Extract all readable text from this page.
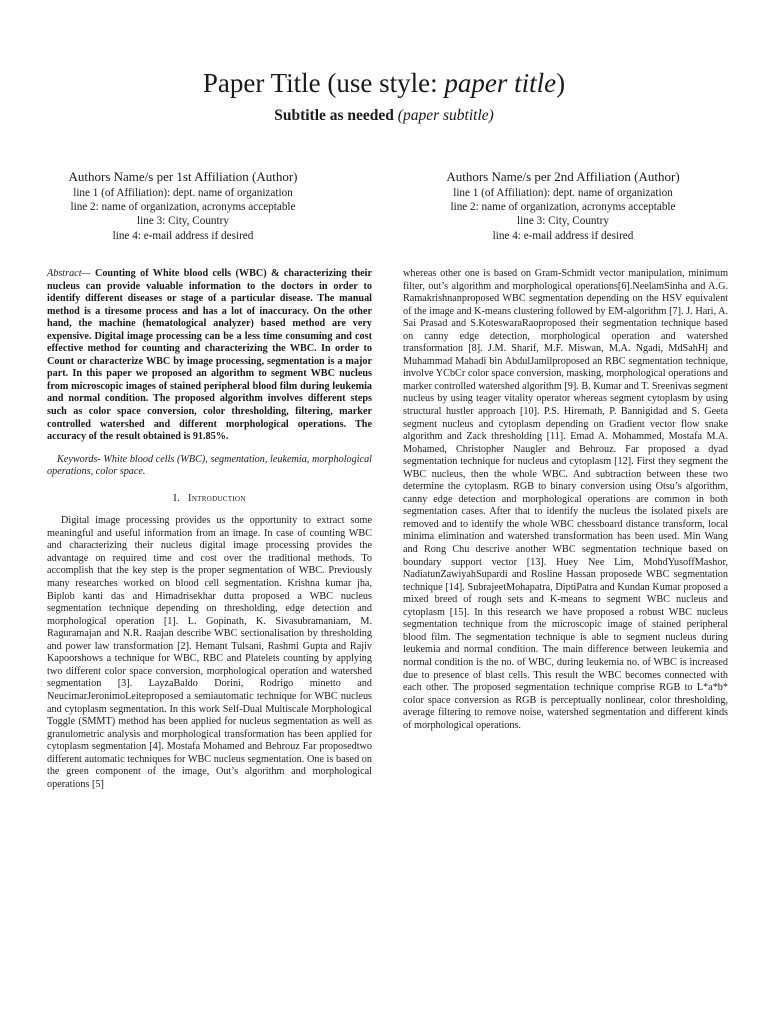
Paper Title (use style: paper title)
Subtitle as needed (paper subtitle)
Authors Name/s per 1st Affiliation (Author)
line 1 (of Affiliation): dept. name of organization
line 2: name of organization, acronyms acceptable
line 3: City, Country
line 4: e-mail address if desired
Authors Name/s per 2nd Affiliation (Author)
line 1 (of Affiliation): dept. name of organization
line 2: name of organization, acronyms acceptable
line 3: City, Country
line 4: e-mail address if desired

Abstract— Counting of White blood cells (WBC) & characterizing their nucleus can provide valuable information to the doctors in order to identify different diseases or stage of a particular disease. The manual method is a tiresome process and has a lot of inaccuracy. On the other hand, the machine (hematological analyzer) based method are very expensive. Digital image processing can be a less time consuming and cost effective method for counting and characterizing the WBC. In order to Count or characterize WBC by image processing, segmentation is a major part. In this paper we proposed an algorithm to segment WBC nucleus from microscopic images of stained peripheral blood film during leukemia and normal condition. The proposed algorithm involves different steps such as color space conversion, color thresholding, filtering, marker controlled watershed and different morphological operations. The accuracy of the result obtained is 91.85%.

Keywords- White blood cells (WBC), segmentation, leukemia, morphological operations, color space.

I. Introduction

Digital image processing provides us the opportunity to extract some meaningful and useful information from an image. In case of counting WBC and characterizing their nucleus digital image processing provides the advantage on required time and cost over the traditional methods. To accomplish that the key step is the proper segmentation of WBC. Previously many researches worked on blood cell segmentation. Krishna kumar jha, Biplob kanti das and Himadrisekhar dutta proposed a WBC nucleus segmentation technique depending on thresholding, edge detection and morphological operation [1]. L. Gopinath, K. Sivasubramaniam, M. Raguramajan and N.R. Raajan describe WBC sectionalisation by thresholding and power law transformation [2]. Hemant Tulsani, Rashmi Gupta and Rajiv Kapoorshows a technique for WBC, RBC and Platelets counting by applying two different color space conversion, morphological operation and watershed segmentation [3]. LayzaBaldo Dorini, Rodrigo minetto and NeucimarJeronimoLeiteproposed a semiautomatic technique for WBC nucleus and cytoplasm segmentation. In this work Self-Dual Multiscale Morphological Toggle (SMMT) method has been applied for nucleus segmentation as well as granulometric analysis and morphological transformation has been applied for cytoplasm segmentation [4]. Mostafa Mohamed and Behrouz Far proposedtwo different automatic techniques for WBC nucleus segmentation. One is based on the green component of the image, Out’s algorithm and morphological operations [5]

whereas other one is based on Gram-Schmidt vector manipulation, minimum filter, out’s algorithm and morphological operations[6].NeelamSinha and A.G. Ramakrishnanproposed WBC segmentation depending on the HSV equivalent of the image and K-means clustering followed by EM-algorithm [7]. J. Hari, A. Sai Prasad and S.KoteswaraRaoproposed their segmentation technique based on canny edge detection, morphological operation and watershed transformation [8]. J.M. Sharif, M.F. Miswan, M.A. Ngadi, MdSahHj and Muhammad Mahadi bin AbdulJamilproposed an RBC segmentation technique, involve YCbCr color space conversion, masking, morphological operations and marker controlled watershed algorithm [9]. B. Kumar and T. Sreenivas segment nucleus by using teager vitality operator whereas segment cytoplasm by using structural hustler approach [10]. P.S. Hiremath, P. Bannigidad and S. Geeta segment nucleus and cytoplasm depending on Gradient vector flow snake algorithm and Zack thresholding [11]. Emad A. Mohammed, Mostafa M.A. Mohamed, Christopher Naugler and Behrouz. Far proposed a dyad segmentation technique for nucleus and cytoplasm [12]. First they segment the WBC nucleus, then the whole WBC. And subtraction between these two determine the cytoplasm. RGB to binary conversion using Otsu’s algorithm, canny edge detection and morphological operations are common in both segmentation cases. After that to identify the nucleus the isolated pixels are removed and to identify the whole WBC chessboard distance transform, local minima elimination and watershed transformation has been used. Min Wang and Rong Chu descrive another WBC segmentation technique based on boundary support vector [13]. Huey Nee Lim, MohdYusoffMashor, NadiatunZawiyahSupardi and Rosline Hassan proposede WBC segmentation technique [14]. SubrajeetMohapatra, DiptiPatra and Kundan Kumar proposed a mixed breed of rough sets and K-means to segment WBC nucleus and cytoplasm [15]. In this research we have proposed a robust WBC nucleus segmentation technique from the microscopic image of stained peripheral blood film. The segmentation technique is able to segment nucleus during leukemia and normal condition. The main difference between leukemia and normal condition is the no. of WBC, during leukemia no. of WBC is increased due to presence of blast cells. This result the WBC becomes connected with each other. The proposed segmentation technique comprise RGB to L*a*b* color space conversion as RGB is perceptually nonlinear, color thresholding, average filtering to remove noise, watershed segmentation and different kinds of morphological operations.
